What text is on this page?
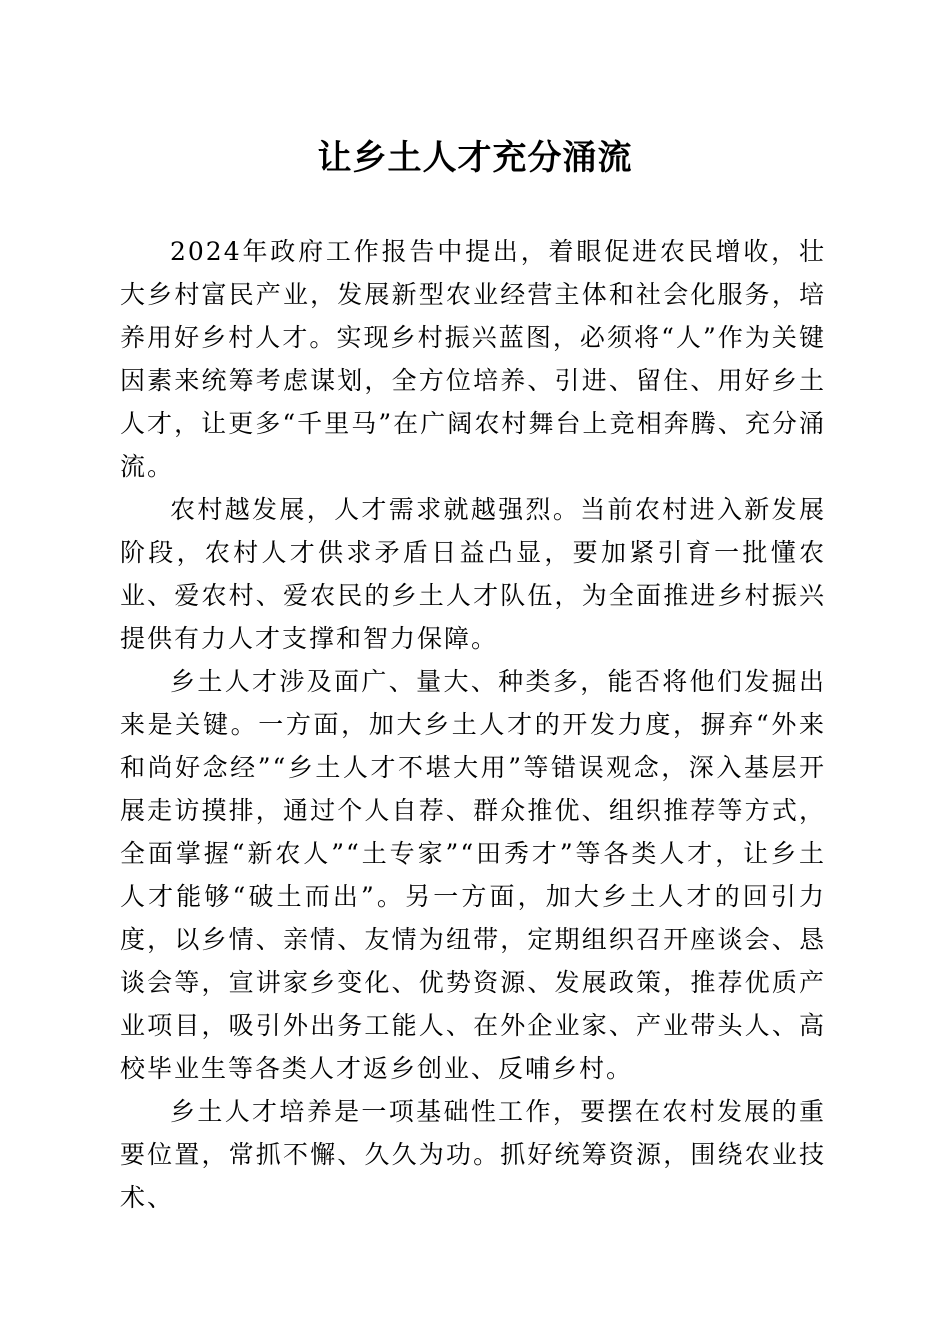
让乡土人才充分涌流

2024年政府工作报告中提出，着眼促进农民增收，壮大乡村富民产业，发展新型农业经营主体和社会化服务，培养用好乡村人才。实现乡村振兴蓝图，必须将“人”作为关键因素来统筹考虑谋划，全方位培养、引进、留住、用好乡土人才，让更多“千里马”在广阔农村舞台上竞相奔腾、充分涌流。

农村越发展，人才需求就越强烈。当前农村进入新发展阶段，农村人才供求矛盾日益凸显，要加紧引育一批懂农业、爱农村、爱农民的乡土人才队伍，为全面推进乡村振兴提供有力人才支撑和智力保障。

乡土人才涉及面广、量大、种类多，能否将他们发掘出来是关键。一方面，加大乡土人才的开发力度，摒弃“外来和尚好念经”“乡土人才不堪大用”等错误观念，深入基层开展走访摸排，通过个人自荐、群众推优、组织推荐等方式，全面掌握“新农人”“土专家”“田秀才”等各类人才，让乡土人才能够“破土而出”。另一方面，加大乡土人才的回引力度，以乡情、亲情、友情为纽带，定期组织召开座谈会、恳谈会等，宣讲家乡变化、优势资源、发展政策，推荐优质产业项目，吸引外出务工能人、在外企业家、产业带头人、高校毕业生等各类人才返乡创业、反哺乡村。

乡土人才培养是一项基础性工作，要摆在农村发展的重要位置，常抓不懈、久久为功。抓好统筹资源，围绕农业技术、
